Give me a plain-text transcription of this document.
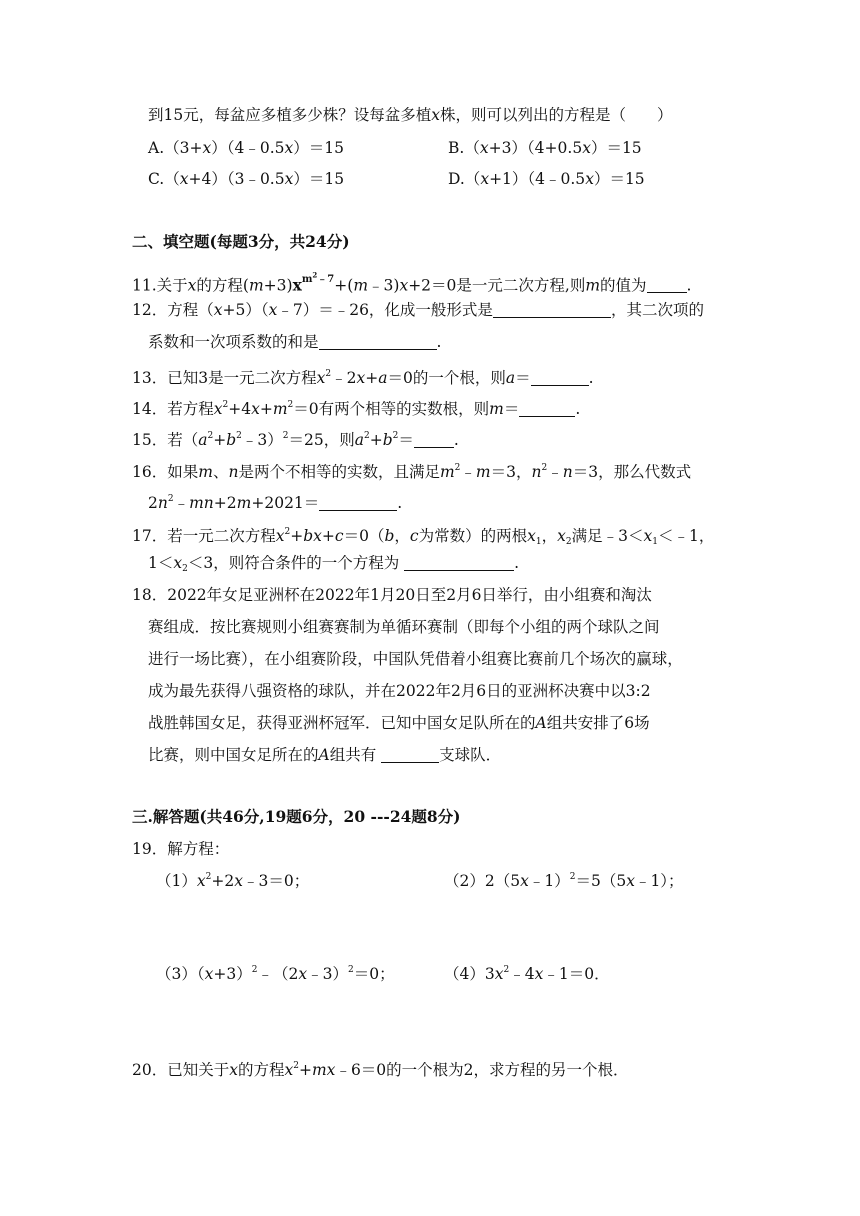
到15元，每盆应多植多少株？设每盆多植x株，则可以列出的方程是（　　）
A.（3+x）（4﹣0.5x）＝15	B.（x+3）（4+0.5x）＝15
C.（x+4）（3﹣0.5x）＝15	D.（x+1）（4﹣0.5x）＝15
二、填空题(每题3分，共24分)
11.关于x的方程$(m+3)x^{m^2﹣7}+(m﹣3)x+2=0$是一元二次方程,则m的值为	.
12．方程（x+5）（x﹣7）＝﹣26，化成一般形式是	，其二次项的
系数和一次项系数的和是	.
13．已知3是一元二次方程$x^2﹣2x+a=0$的一个根，则a＝	.
14．若方程$x^2+4x+m^2=0$有两个相等的实数根，则m＝	.
15．若$(a^2+b^2﹣3)^2=25$，则$a^2+b^2=$	.
16．如果m、n是两个不相等的实数，且满足$m^2﹣m=3$，$n^2﹣n=3$，那么代数式
$2n^2﹣mn+2m+2021=$	.
17．若一元二次方程$x^2+bx+c=0(b$，c为常数）的两根$x_1$，$x_2$满足$﹣3<x_1<﹣1$，
$1<x_2<3$，则符合条件的一个方程为	.
18．2022年女足亚洲杯在2022年1月20日至2月6日举行，由小组赛和淘汰
赛组成．按比赛规则小组赛赛制为单循环赛制（即每个小组的两个球队之间
进行一场比赛），在小组赛阶段，中国队凭借着小组赛比赛前几个场次的赢球，
成为最先获得八强资格的球队，并在2022年2月6日的亚洲杯决赛中以3:2
战胜韩国女足，获得亚洲杯冠军．已知中国女足队所在的A组共安排了6场
比赛，则中国女足所在的A组共有	支球队．
三.解答题(共46分,19题6分，20 ---24题8分)
19．解方程：
$(1)x^2+2x﹣3=0$；	（2）2（5x﹣1）$^2$＝5（5x﹣1）；
$(3)(x+3)^2﹣(2x﹣3)^2=0$；	$(4)3x^2﹣4x﹣1=0$．
20．已知关于x的方程$x^2+mx﹣6=0$的一个根为2，求方程的另一个根．
